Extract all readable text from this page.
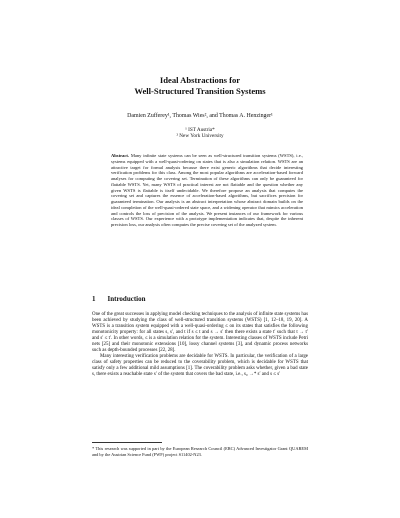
Ideal Abstractions for
Well-Structured Transition Systems
Damien Zufferey¹, Thomas Wies², and Thomas A. Henzinger¹
¹ IST Austria*
² New York University
Abstract. Many infinite state systems can be seen as well-structured transition systems (WSTS), i.e., systems equipped with a well-quasi-ordering on states that is also a simulation relation. WSTS are an attractive target for formal analysis because there exist generic algorithms that decide interesting verification problems for this class. Among the most popular algorithms are acceleration-based forward analyses for computing the covering set. Termination of these algorithms can only be guaranteed for flattable WSTS. Yet, many WSTS of practical interest are not flattable and the question whether any given WSTS is flattable is itself undecidable. We therefore propose an analysis that computes the covering set and captures the essence of acceleration-based algorithms, but sacrifices precision for guaranteed termination. Our analysis is an abstract interpretation whose abstract domain builds on the ideal completion of the well-quasi-ordered state space, and a widening operator that mimics acceleration and controls the loss of precision of the analysis. We present instances of our framework for various classes of WSTS. Our experience with a prototype implementation indicates that, despite the inherent precision loss, our analysis often computes the precise covering set of the analyzed system.
1 Introduction
One of the great successes in applying model checking techniques to the analysis of infinite state systems has been achieved by studying the class of well-structured transition systems (WSTS) [1, 12–18, 19, 20]. A WSTS is a transition system equipped with a well-quasi-ordering ≤ on its states that satisfies the following monotonicity property: for all states s, s′, and t if s ≤ t and s → s′ then there exists a state t′ such that t → t′ and s′ ≤ t′. In other words, ≤ is a simulation relation for the system. Interesting classes of WSTS include Petri nets [25] and their monotonic extensions [10], lossy channel systems [3], and dynamic process networks such as depth-bounded processes [22, 28].
Many interesting verification problems are decidable for WSTS. In particular, the verification of a large class of safety properties can be reduced to the coverability problem, which is decidable for WSTS that satisfy only a few additional mild assumptions [1]. The coverability problem asks whether, given a bad state s, there exists a reachable state s′ of the system that covers the bad state, i.e., s₀ →* s′ and s ≤ s′
* This research was supported in part by the European Research Council (ERC) Advanced Investigator Grant QUAREM and by the Austrian Science Fund (FWF) project S11402-N23.
